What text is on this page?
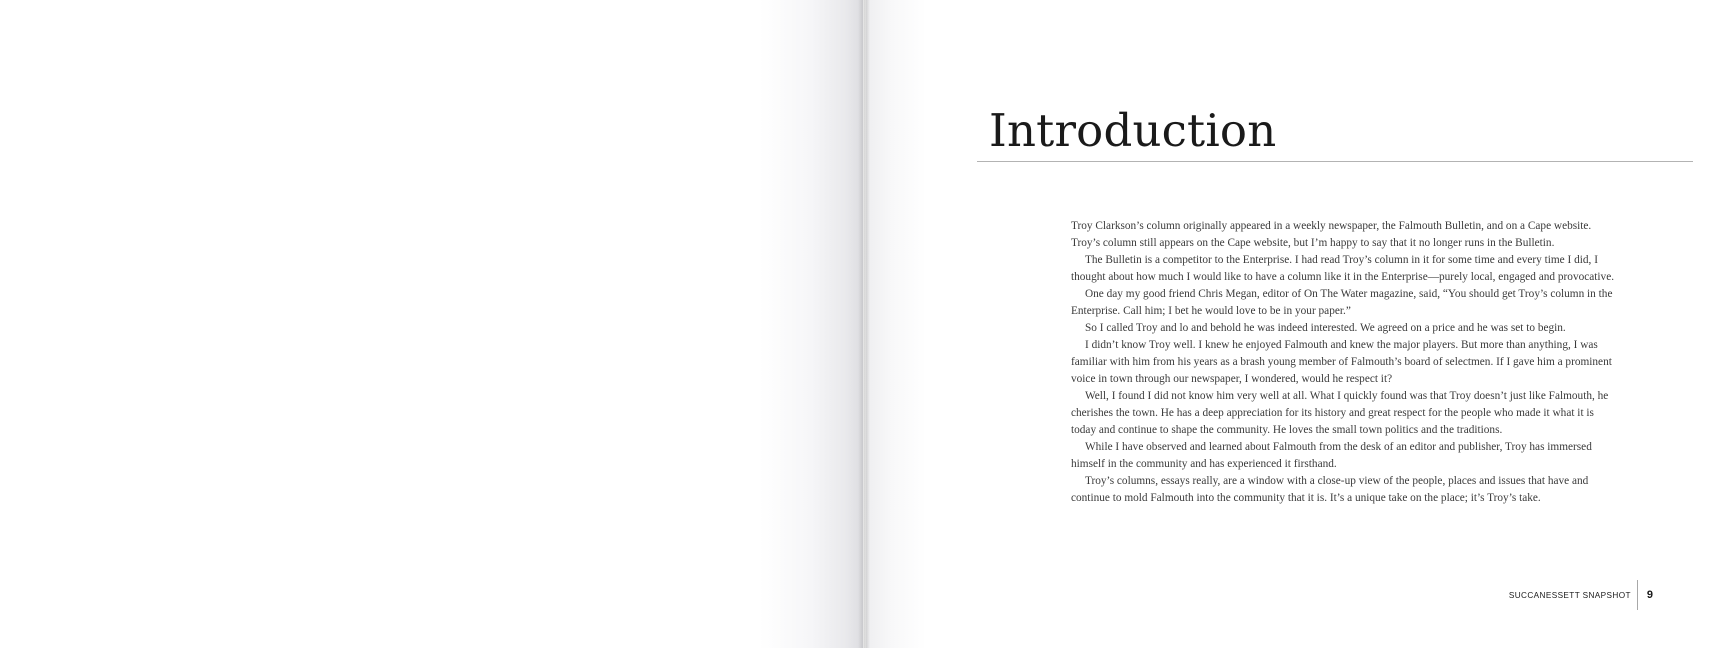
Introduction

Troy Clarkson’s column originally appeared in a weekly newspaper, the Falmouth Bulletin, and on a Cape website. Troy’s column still appears on the Cape website, but I’m happy to say that it no longer runs in the Bulletin.

The Bulletin is a competitor to the Enterprise. I had read Troy’s column in it for some time and every time I did, I thought about how much I would like to have a column like it in the Enterprise—purely local, engaged and provocative.

One day my good friend Chris Megan, editor of On The Water magazine, said, “You should get Troy’s column in the Enterprise. Call him; I bet he would love to be in your paper.”

So I called Troy and lo and behold he was indeed interested. We agreed on a price and he was set to begin.

I didn’t know Troy well. I knew he enjoyed Falmouth and knew the major players. But more than anything, I was familiar with him from his years as a brash young member of Falmouth’s board of selectmen. If I gave him a prominent voice in town through our newspaper, I wondered, would he respect it?

Well, I found I did not know him very well at all. What I quickly found was that Troy doesn’t just like Falmouth, he cherishes the town. He has a deep appreciation for its history and great respect for the people who made it what it is today and continue to shape the community. He loves the small town politics and the traditions.

While I have observed and learned about Falmouth from the desk of an editor and publisher, Troy has immersed himself in the community and has experienced it firsthand.

Troy’s columns, essays really, are a window with a close-up view of the people, places and issues that have and continue to mold Falmouth into the community that it is. It’s a unique take on the place; it’s Troy’s take.

SUCCANESSETT SNAPSHOT	9
